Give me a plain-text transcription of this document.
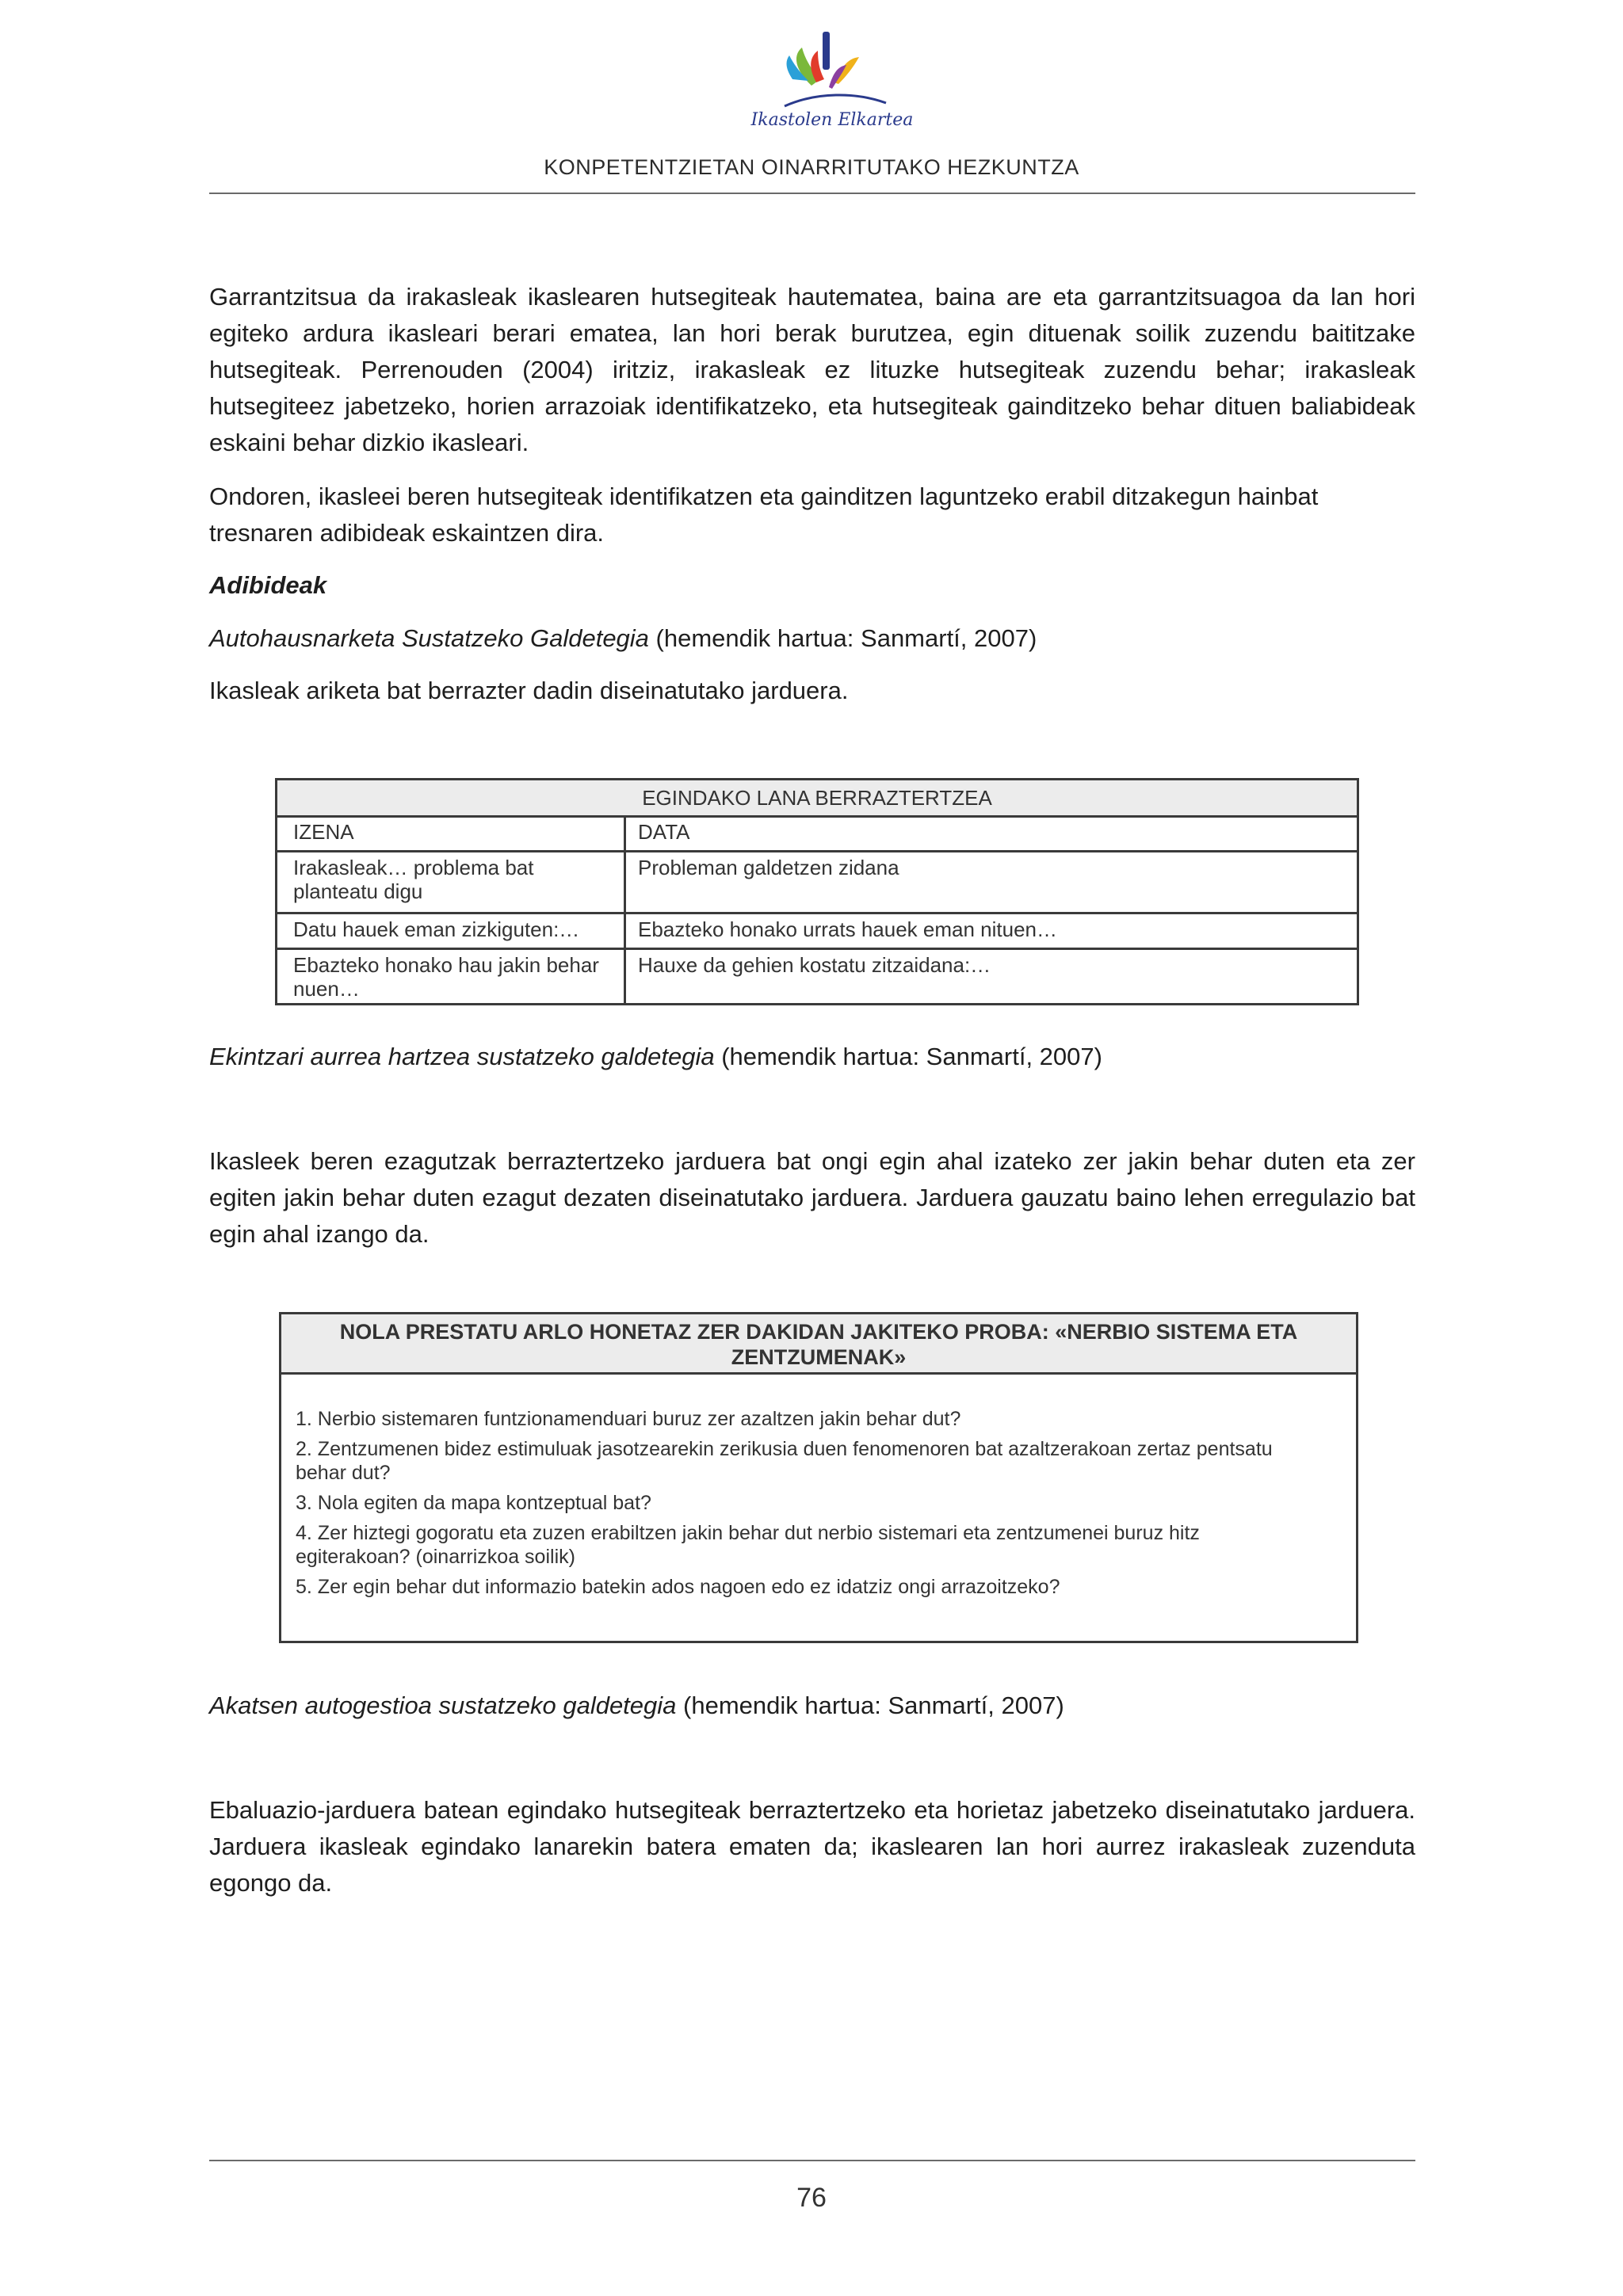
Ikastolen Elkartea
KONPETENTZIETAN OINARRITUTAKO HEZKUNTZA
Garrantzitsua da irakasleak ikaslearen hutsegiteak hautematea, baina are eta garrantzitsuagoa da lan hori egiteko ardura ikasleari berari ematea, lan hori berak burutzea, egin dituenak soilik zuzendu baititzake hutsegiteak. Perrenouden (2004) iritziz, irakasleak ez lituzke hutsegiteak zuzendu behar; irakasleak hutsegiteez jabetzeko, horien arrazoiak identifikatzeko, eta hutsegiteak gainditzeko behar dituen baliabideak eskaini behar dizkio ikasleari.
Ondoren, ikasleei beren hutsegiteak identifikatzen eta gainditzen laguntzeko erabil ditzakegun hainbat tresnaren adibideak eskaintzen dira.
Adibideak
Autohausnarketa Sustatzeko Galdetegia (hemendik hartua: Sanmartí, 2007)
Ikasleak ariketa bat berrazter dadin diseinatutako jarduera.
EGINDAKO LANA BERRAZTERTZEA
IZENA	DATA
Irakasleak… problema bat planteatu digu
Probleman galdetzen zidana
Datu hauek eman zizkiguten:…	Ebazteko honako urrats hauek eman nituen…
Ebazteko honako hau jakin behar nuen…
Hauxe da gehien kostatu zitzaidana:…
Ekintzari aurrea hartzea sustatzeko galdetegia (hemendik hartua: Sanmartí, 2007)
Ikasleek beren ezagutzak berraztertzeko jarduera bat ongi egin ahal izateko zer jakin behar duten eta zer egiten jakin behar duten ezagut dezaten diseinatutako jarduera. Jarduera gauzatu baino lehen erregulazio bat egin ahal izango da.
NOLA PRESTATU ARLO HONETAZ ZER DAKIDAN JAKITEKO PROBA: «NERBIO SISTEMA ETA ZENTZUMENAK»
1. Nerbio sistemaren funtzionamenduari buruz zer azaltzen jakin behar dut?
2. Zentzumenen bidez estimuluak jasotzearekin zerikusia duen fenomenoren bat azaltzerakoan zertaz pentsatu behar dut?
3. Nola egiten da mapa kontzeptual bat?
4. Zer hiztegi gogoratu eta zuzen erabiltzen jakin behar dut nerbio sistemari eta zentzumenei buruz hitz egiterakoan? (oinarrizkoa soilik)
5. Zer egin behar dut informazio batekin ados nagoen edo ez idatziz ongi arrazoitzeko?
Akatsen autogestioa sustatzeko galdetegia (hemendik hartua: Sanmartí, 2007)
Ebaluazio-jarduera batean egindako hutsegiteak berraztertzeko eta horietaz jabetzeko diseinatutako jarduera. Jarduera ikasleak egindako lanarekin batera ematen da; ikaslearen lan hori aurrez irakasleak zuzenduta egongo da.
76
